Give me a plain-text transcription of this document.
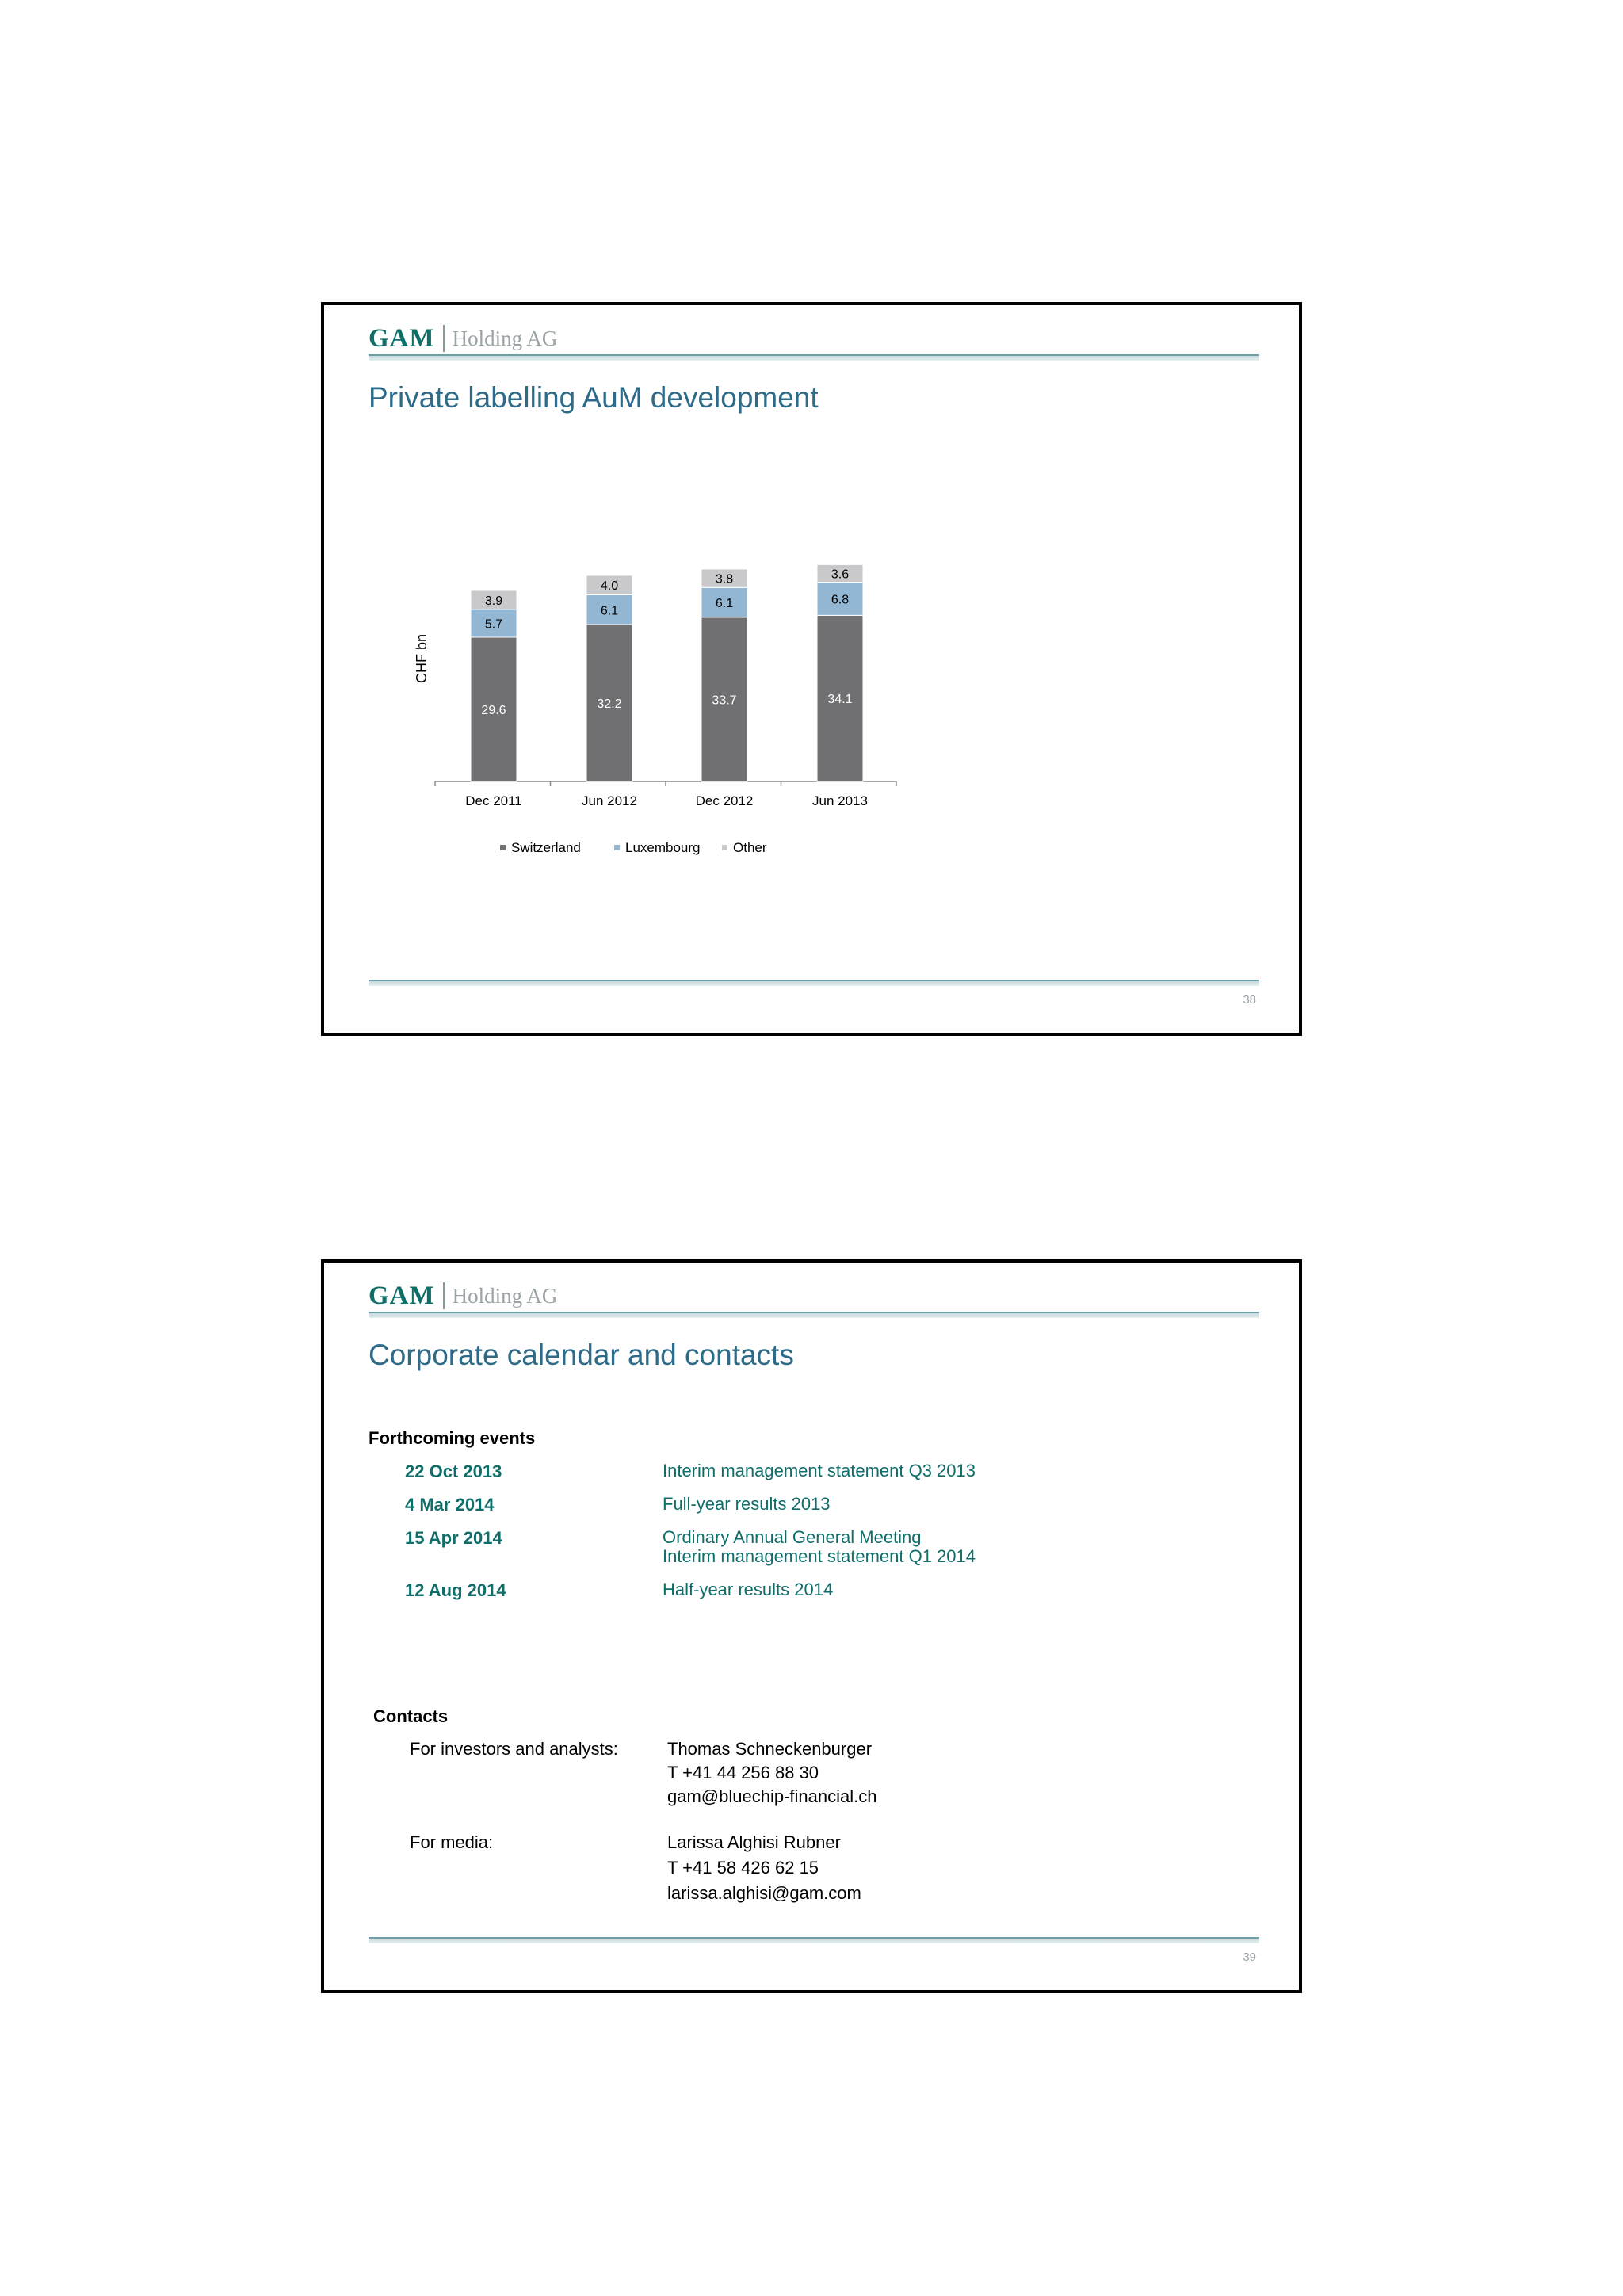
GAM Holding AG
Private labelling AuM development
29.6
5.7
3.9
Dec 2011
32.2
6.1
4.0
Jun 2012
33.7
6.1
3.8
Dec 2012
34.1
6.8
3.6
Jun 2013
CHF bn
Switzerland	Luxembourg Other
38
GAM Holding AG
Corporate calendar and contacts
Forthcoming events
22 Oct 2013	Interim management statement Q3 2013
4 Mar 2014	Full-year results 2013
15 Apr 2014	Ordinary Annual General Meeting
Interim management statement Q1 2014
12 Aug 2014	Half-year results 2014
Contacts
For investors and analysts:	Thomas Schneckenburger
T +41 44 256 88 30
gam@bluechip-financial.ch
For media:	Larissa Alghisi Rubner
T +41 58 426 62 15
larissa.alghisi@gam.com
39
